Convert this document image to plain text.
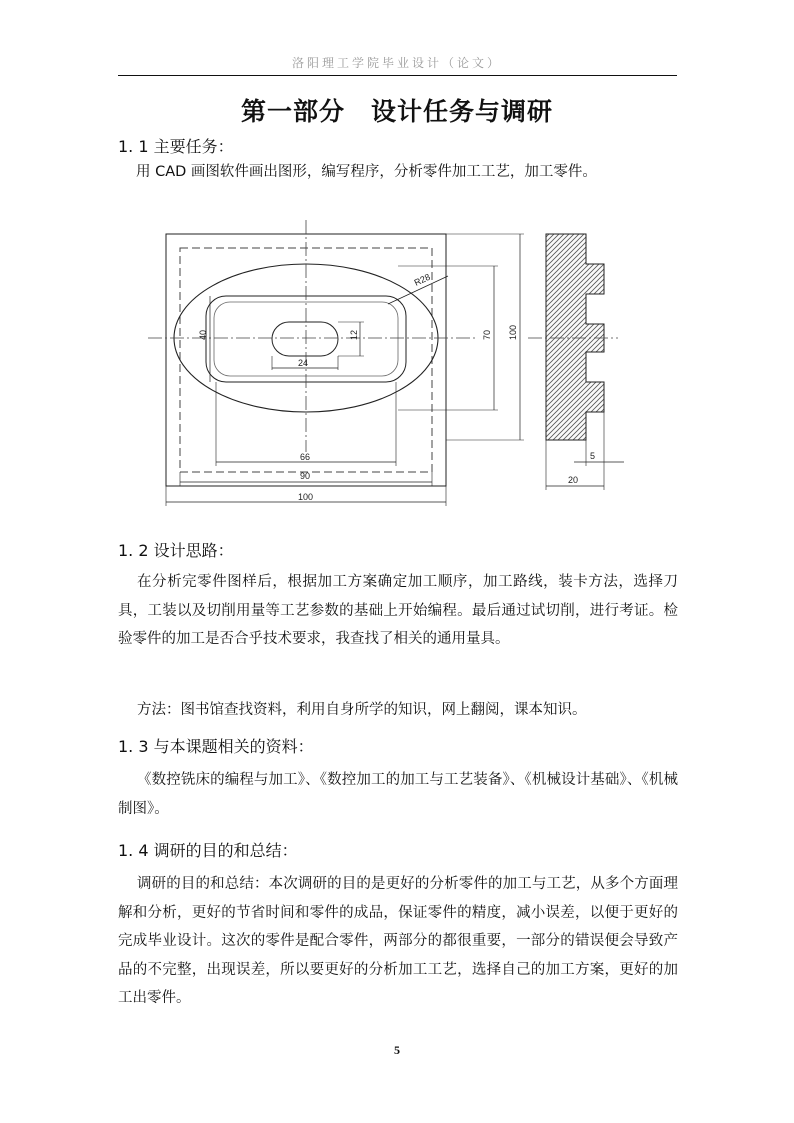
洛阳理工学院毕业设计（论文）
第一部分　设计任务与调研
1. 1 主要任务：
用 CAD 画图软件画出图形，编写程序，分析零件加工工艺，加工零件。
R28
40	12
24
70 100
66
90
100
5
20
1. 2 设计思路：
在分析完零件图样后，根据加工方案确定加工顺序，加工路线，装卡方法，选择刀具，工装以及切削用量等工艺参数的基础上开始编程。最后通过试切削，进行考证。检验零件的加工是否合乎技术要求，我查找了相关的通用量具。
方法：图书馆查找资料，利用自身所学的知识，网上翻阅，课本知识。
1. 3 与本课题相关的资料：
《数控铣床的编程与加工》、《数控加工的加工与工艺装备》、《机械设计基础》、《机械制图》。
1. 4 调研的目的和总结：
调研的目的和总结：本次调研的目的是更好的分析零件的加工与工艺，从多个方面理解和分析，更好的节省时间和零件的成品，保证零件的精度，减小误差，以便于更好的完成毕业设计。这次的零件是配合零件，两部分的都很重要，一部分的错误便会导致产品的不完整，出现误差，所以要更好的分析加工工艺，选择自己的加工方案，更好的加工出零件。
5
